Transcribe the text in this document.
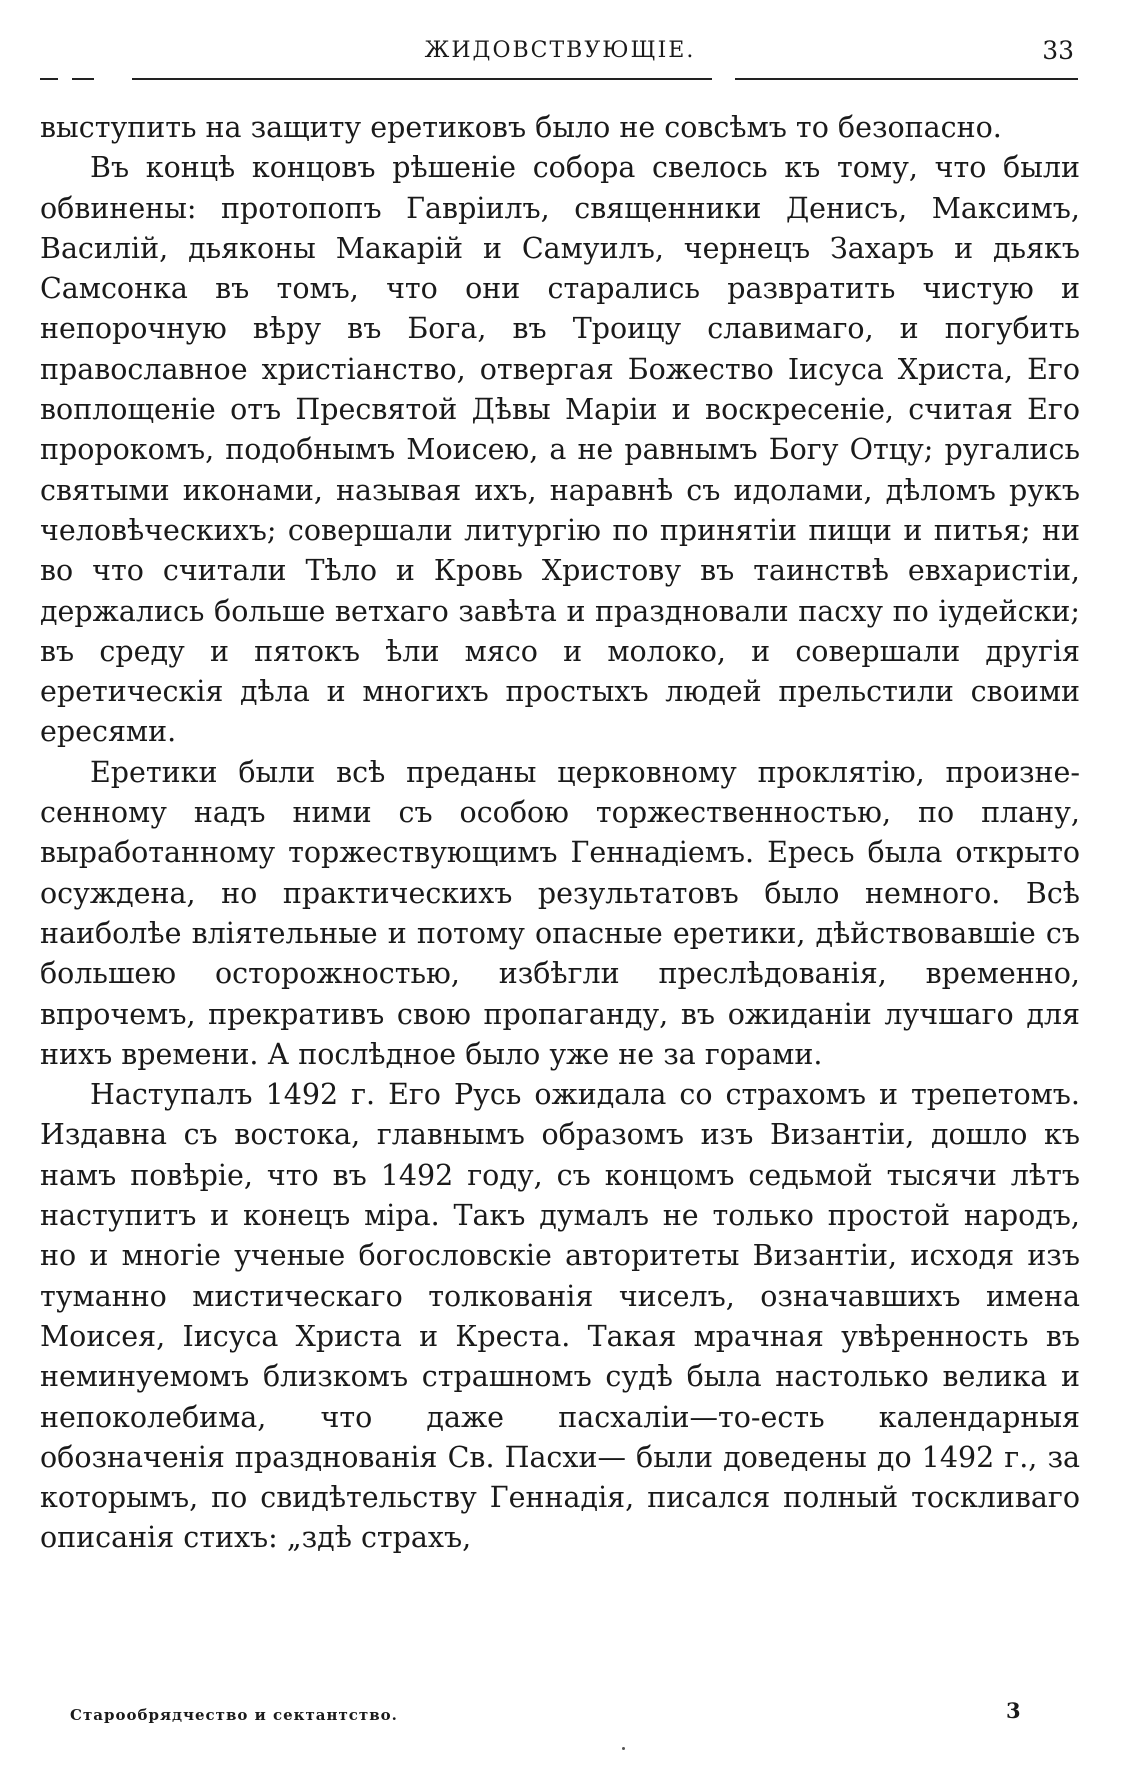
ЖИДОВСТВУЮЩІЕ.	33

выступить на защиту еретиковъ было не совсѣмъ то безопасно.

Въ концѣ концовъ рѣшеніе собора свелось къ тому, что были обвинены: протопопъ Гавріилъ, священники Денисъ, Максимъ, Василій, дьяконы Макарій и Самуилъ, чернецъ Захаръ и дьякъ Самсонка въ томъ, что они старались развратить чистую и непорочную вѣру въ Бога, въ Троицу славимаго, и погубить православное христіанство, отвергая Божество Іисуса Христа, Его воплощеніе отъ Пресвятой Дѣвы Маріи и воскресеніе, считая Его пророкомъ, подобнымъ Моисею, а не равнымъ Богу Отцу; ругались святыми иконами, называя ихъ, наравнѣ съ идолами, дѣломъ рукъ человѣческихъ; совершали литургію по принятіи пищи и питья; ни во что считали Тѣло и Кровь Христову въ таинствѣ евхаристіи, держались больше ветхаго завѣта и праздновали пасху по іудейски; въ среду и пятокъ ѣли мясо и молоко, и совершали другія еретическія дѣла и многихъ простыхъ людей прельстили своими ересями.

Еретики были всѣ преданы церковному проклятію, произнесенному надъ ними съ особою торжественностью, по плану, выработанному торжествующимъ Геннадіемъ. Ересь была открыто осуждена, но практическихъ результатовъ было немного. Всѣ наиболѣе вліятельные и потому опасные еретики, дѣйствовавшіе съ большею осторожностью, избѣгли преслѣдованія, временно, впрочемъ, прекративъ свою пропаганду, въ ожиданіи лучшаго для нихъ времени. А послѣдное было уже не за горами.

Наступалъ 1492 г. Его Русь ожидала со страхомъ и трепетомъ. Издавна съ востока, главнымъ образомъ изъ Византіи, дошло къ намъ повѣріе, что въ 1492 году, съ концомъ седьмой тысячи лѣтъ наступитъ и конецъ міра. Такъ думалъ не только простой народъ, но и многіе ученые богословскіе авторитеты Византіи, исходя изъ туманно мистическаго толкованія чиселъ, означавшихъ имена Моисея, Іисуса Христа и Креста. Такая мрачная увѣренность въ неминуемомъ близкомъ страшномъ судѣ была настолько велика и непоколебима, что даже пасхаліи—то-есть календарныя обозначенія празднованія Св. Пасхи— были доведены до 1492 г., за которымъ, по свидѣтельству Геннадія, писался полный тоскливаго описанія стихъ: „здѣ страхъ,

Старообрядчество и сектантство.	3
